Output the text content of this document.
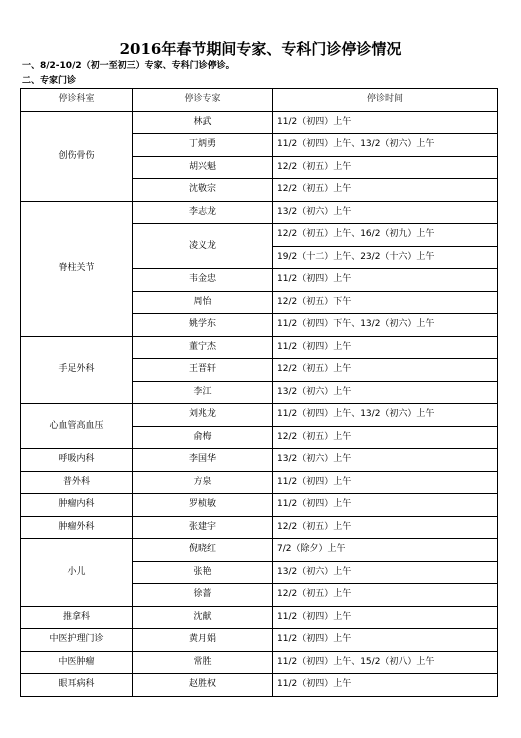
2016年春节期间专家、专科门诊停诊情况
一、8/2-10/2（初一至初三）专家、专科门诊停诊。
二、专家门诊
停诊科室	停诊专家	停诊时间
创伤骨伤	林武	11/2（初四）上午
	丁炳勇	11/2（初四）上午、13/2（初六）上午
	胡兴魁	12/2（初五）上午
	沈敬宗	12/2（初五）上午
脊柱关节	李志龙	13/2（初六）上午
	凌义龙	12/2（初五）上午、16/2（初九）上午
		19/2（十二）上午、23/2（十六）上午
	韦金忠	11/2（初四）上午
	周怡	12/2（初五）下午
	姚学东	11/2（初四）下午、13/2（初六）上午
手足外科	董宁杰	11/2（初四）上午
	王晋轩	12/2（初五）上午
	李江	13/2（初六）上午
心血管高血压	刘兆龙	11/2（初四）上午、13/2（初六）上午
	俞梅	12/2（初五）上午
呼吸内科	李国华	13/2（初六）上午
普外科	方泉	11/2（初四）上午
肿瘤内科	罗桢敏	11/2（初四）上午
肿瘤外科	张建宇	12/2（初五）上午
小儿	倪晓红	7/2（除夕）上午
	张艳	13/2（初六）上午
	徐蔷	12/2（初五）上午
推拿科	沈献	11/2（初四）上午
中医护理门诊	黄月娟	11/2（初四）上午
中医肿瘤	常胜	11/2（初四）上午、15/2（初八）上午
眼耳病科	赵胜权	11/2（初四）上午
